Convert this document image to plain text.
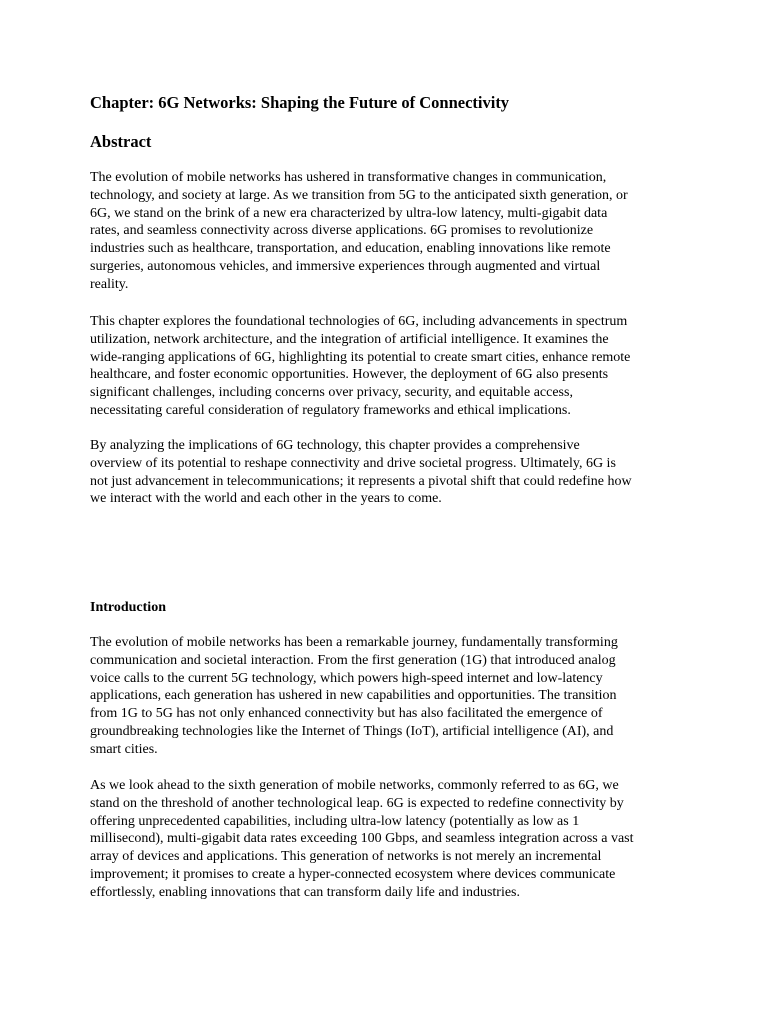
Chapter: 6G Networks: Shaping the Future of Connectivity
Abstract

The evolution of mobile networks has ushered in transformative changes in communication,
technology, and society at large. As we transition from 5G to the anticipated sixth generation, or
6G, we stand on the brink of a new era characterized by ultra-low latency, multi-gigabit data
rates, and seamless connectivity across diverse applications. 6G promises to revolutionize
industries such as healthcare, transportation, and education, enabling innovations like remote
surgeries, autonomous vehicles, and immersive experiences through augmented and virtual
reality.

This chapter explores the foundational technologies of 6G, including advancements in spectrum
utilization, network architecture, and the integration of artificial intelligence. It examines the
wide-ranging applications of 6G, highlighting its potential to create smart cities, enhance remote
healthcare, and foster economic opportunities. However, the deployment of 6G also presents
significant challenges, including concerns over privacy, security, and equitable access,
necessitating careful consideration of regulatory frameworks and ethical implications.

By analyzing the implications of 6G technology, this chapter provides a comprehensive
overview of its potential to reshape connectivity and drive societal progress. Ultimately, 6G is
not just advancement in telecommunications; it represents a pivotal shift that could redefine how
we interact with the world and each other in the years to come.

Introduction

The evolution of mobile networks has been a remarkable journey, fundamentally transforming
communication and societal interaction. From the first generation (1G) that introduced analog
voice calls to the current 5G technology, which powers high-speed internet and low-latency
applications, each generation has ushered in new capabilities and opportunities. The transition
from 1G to 5G has not only enhanced connectivity but has also facilitated the emergence of
groundbreaking technologies like the Internet of Things (IoT), artificial intelligence (AI), and
smart cities.

As we look ahead to the sixth generation of mobile networks, commonly referred to as 6G, we
stand on the threshold of another technological leap. 6G is expected to redefine connectivity by
offering unprecedented capabilities, including ultra-low latency (potentially as low as 1
millisecond), multi-gigabit data rates exceeding 100 Gbps, and seamless integration across a vast
array of devices and applications. This generation of networks is not merely an incremental
improvement; it promises to create a hyper-connected ecosystem where devices communicate
effortlessly, enabling innovations that can transform daily life and industries.
